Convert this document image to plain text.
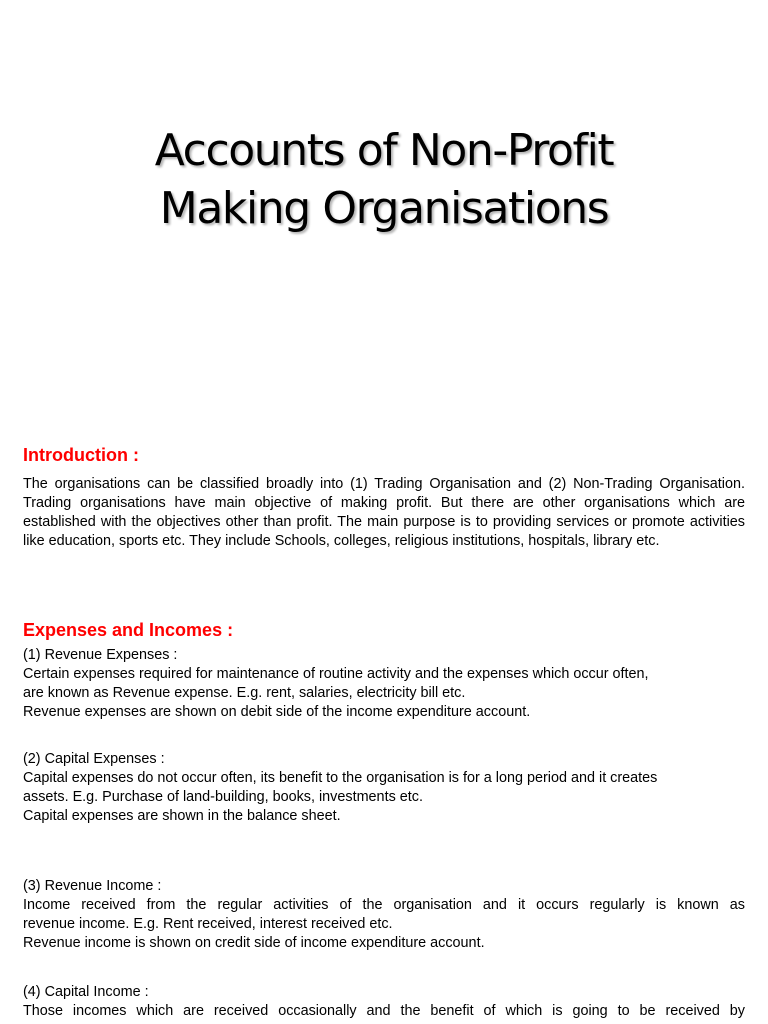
Accounts of Non-Profit
Making Organisations
Introduction :

The organisations can be classified broadly into (1) Trading Organisation and (2) Non-Trading Organisation. Trading organisations have main objective of making profit. But there are other organisations which are established with the objectives other than profit. The main purpose is to providing services or promote activities like education, sports etc. They include Schools, colleges, religious institutions, hospitals, library etc.

Expenses and Incomes :
(1) Revenue Expenses :
Certain expenses required for maintenance of routine activity and the expenses which occur often,
are known as Revenue expense. E.g. rent, salaries, electricity bill etc.
Revenue expenses are shown on debit side of the income expenditure account.
(2) Capital Expenses :
Capital expenses do not occur often, its benefit to the organisation is for a long period and it creates
assets. E.g. Purchase of land-building, books, investments etc.
Capital expenses are shown in the balance sheet.
(3) Revenue Income :
Income received from the regular activities of the organisation and it occurs regularly is known as
revenue income. E.g. Rent received, interest received etc.
Revenue income is shown on credit side of income expenditure account.
(4) Capital Income :
Those incomes which are received occasionally and the benefit of which is going to be received by
